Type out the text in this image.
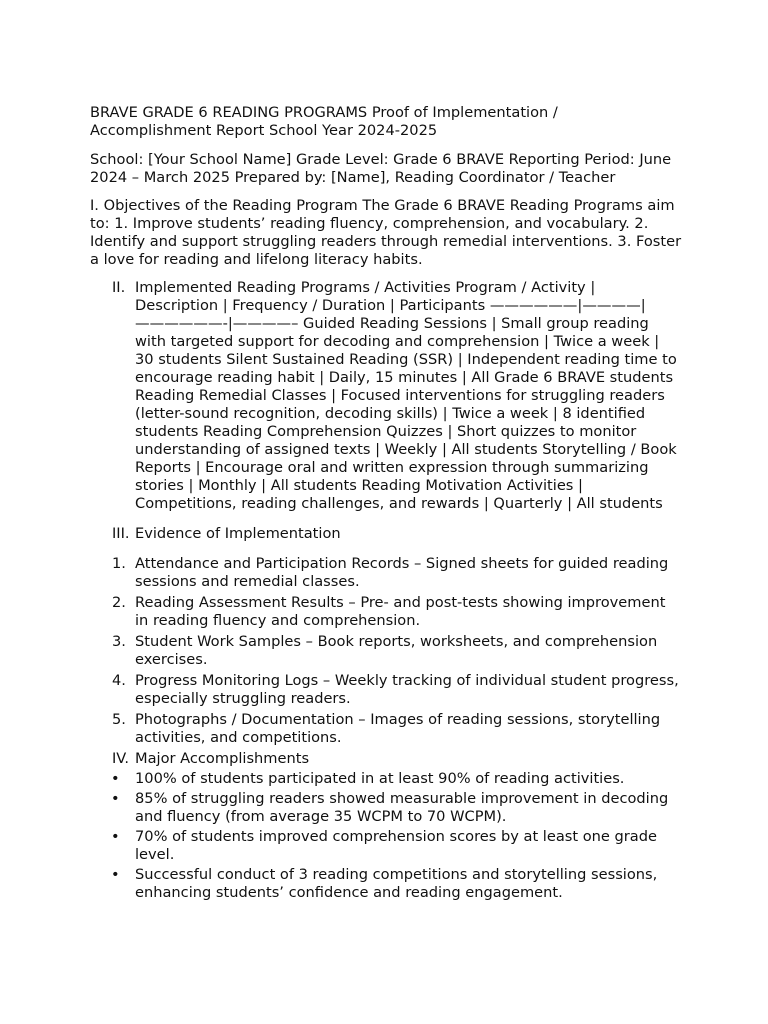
BRAVE GRADE 6 READING PROGRAMS Proof of Implementation / Accomplishment Report School Year 2024-2025

School: [Your School Name] Grade Level: Grade 6 BRAVE Reporting Period: June 2024 – March 2025 Prepared by: [Name], Reading Coordinator / Teacher

I. Objectives of the Reading Program The Grade 6 BRAVE Reading Programs aim to: 1. Improve students’ reading fluency, comprehension, and vocabulary. 2. Identify and support struggling readers through remedial interventions. 3. Foster a love for reading and lifelong literacy habits.

II. Implemented Reading Programs / Activities Program / Activity | Description | Frequency / Duration | Participants ——————|————|——————-|————– Guided Reading Sessions | Small group reading with targeted support for decoding and comprehension | Twice a week | 30 students Silent Sustained Reading (SSR) | Independent reading time to encourage reading habit | Daily, 15 minutes | All Grade 6 BRAVE students Reading Remedial Classes | Focused interventions for struggling readers (letter-sound recognition, decoding skills) | Twice a week | 8 identified students Reading Comprehension Quizzes | Short quizzes to monitor understanding of assigned texts | Weekly | All students Storytelling / Book Reports | Encourage oral and written expression through summarizing stories | Monthly | All students Reading Motivation Activities | Competitions, reading challenges, and rewards | Quarterly | All students
III. Evidence of Implementation
1. Attendance and Participation Records – Signed sheets for guided reading sessions and remedial classes.
2. Reading Assessment Results – Pre- and post-tests showing improvement in reading fluency and comprehension.
3. Student Work Samples – Book reports, worksheets, and comprehension exercises.
4. Progress Monitoring Logs – Weekly tracking of individual student progress, especially struggling readers.
5. Photographs / Documentation – Images of reading sessions, storytelling activities, and competitions.
IV. Major Accomplishments
• 100% of students participated in at least 90% of reading activities.
• 85% of struggling readers showed measurable improvement in decoding and fluency (from average 35 WCPM to 70 WCPM).
• 70% of students improved comprehension scores by at least one grade level.
• Successful conduct of 3 reading competitions and storytelling sessions, enhancing students’ confidence and reading engagement.
